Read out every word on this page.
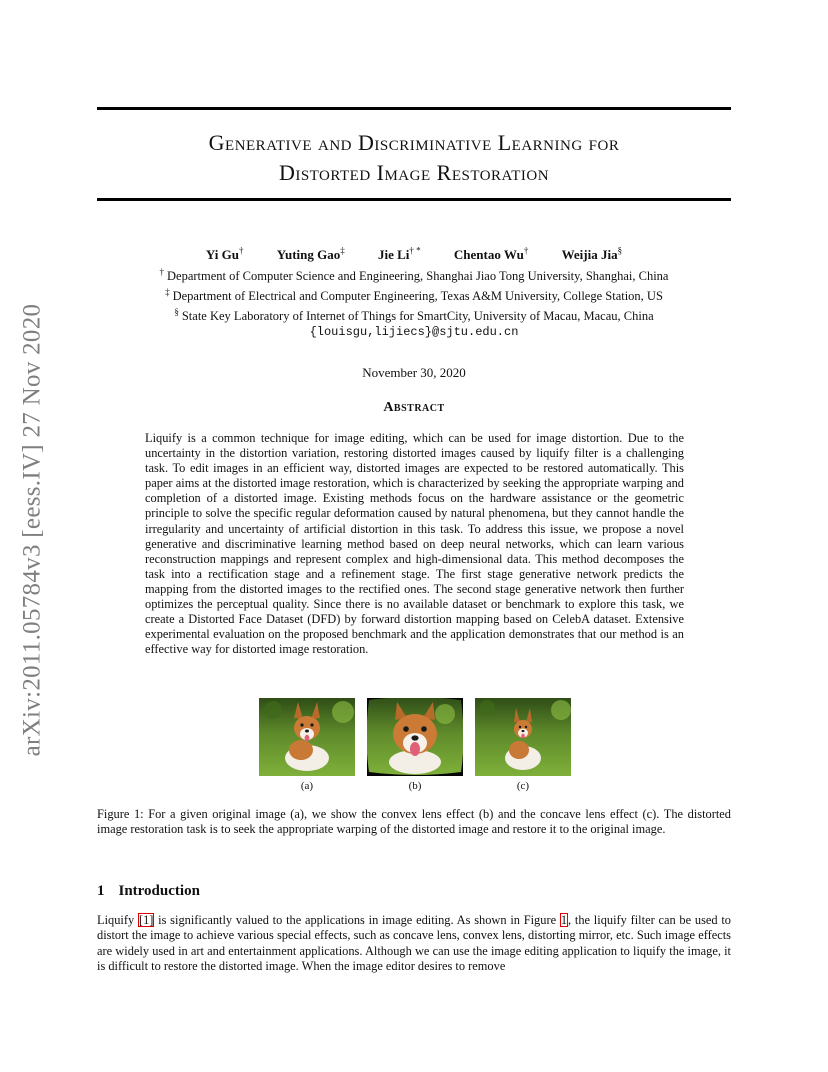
arXiv:2011.05784v3 [eess.IV] 27 Nov 2020
Generative and Discriminative Learning for
Distorted Image Restoration
Yi Gu†	Yuting Gao‡	Jie Li† *	Chentao Wu†	Weijia Jia§
† Department of Computer Science and Engineering, Shanghai Jiao Tong University, Shanghai, China
‡ Department of Electrical and Computer Engineering, Texas A&M University, College Station, US
§ State Key Laboratory of Internet of Things for SmartCity, University of Macau, Macau, China
{louisgu,lijiecs}@sjtu.edu.cn
November 30, 2020
Abstract
Liquify is a common technique for image editing, which can be used for image distortion. Due to the uncertainty in the distortion variation, restoring distorted images caused by liquify filter is a challenging task. To edit images in an efficient way, distorted images are expected to be restored automatically. This paper aims at the distorted image restoration, which is characterized by seeking the appropriate warping and completion of a distorted image. Existing methods focus on the hardware assistance or the geometric principle to solve the specific regular deformation caused by natural phenomena, but they cannot handle the irregularity and uncertainty of artificial distortion in this task. To address this issue, we propose a novel generative and discriminative learning method based on deep neural networks, which can learn various reconstruction mappings and represent complex and high-dimensional data. This method decomposes the task into a rectification stage and a refinement stage. The first stage generative network predicts the mapping from the distorted images to the rectified ones. The second stage generative network then further optimizes the perceptual quality. Since there is no available dataset or benchmark to explore this task, we create a Distorted Face Dataset (DFD) by forward distortion mapping based on CelebA dataset. Extensive experimental evaluation on the proposed benchmark and the application demonstrates that our method is an effective way for distorted image restoration.
(a)	(b)	(c)
Figure 1: For a given original image (a), we show the convex lens effect (b) and the concave lens effect (c). The distorted image restoration task is to seek the appropriate warping of the distorted image and restore it to the original image.
1 Introduction
Liquify [1] is significantly valued to the applications in image editing. As shown in Figure 1, the liquify filter can be used to distort the image to achieve various special effects, such as concave lens, convex lens, distorting mirror, etc. Such image effects are widely used in art and entertainment applications. Although we can use the image editing application to liquify the image, it is difficult to restore the distorted image. When the image editor desires to remove
